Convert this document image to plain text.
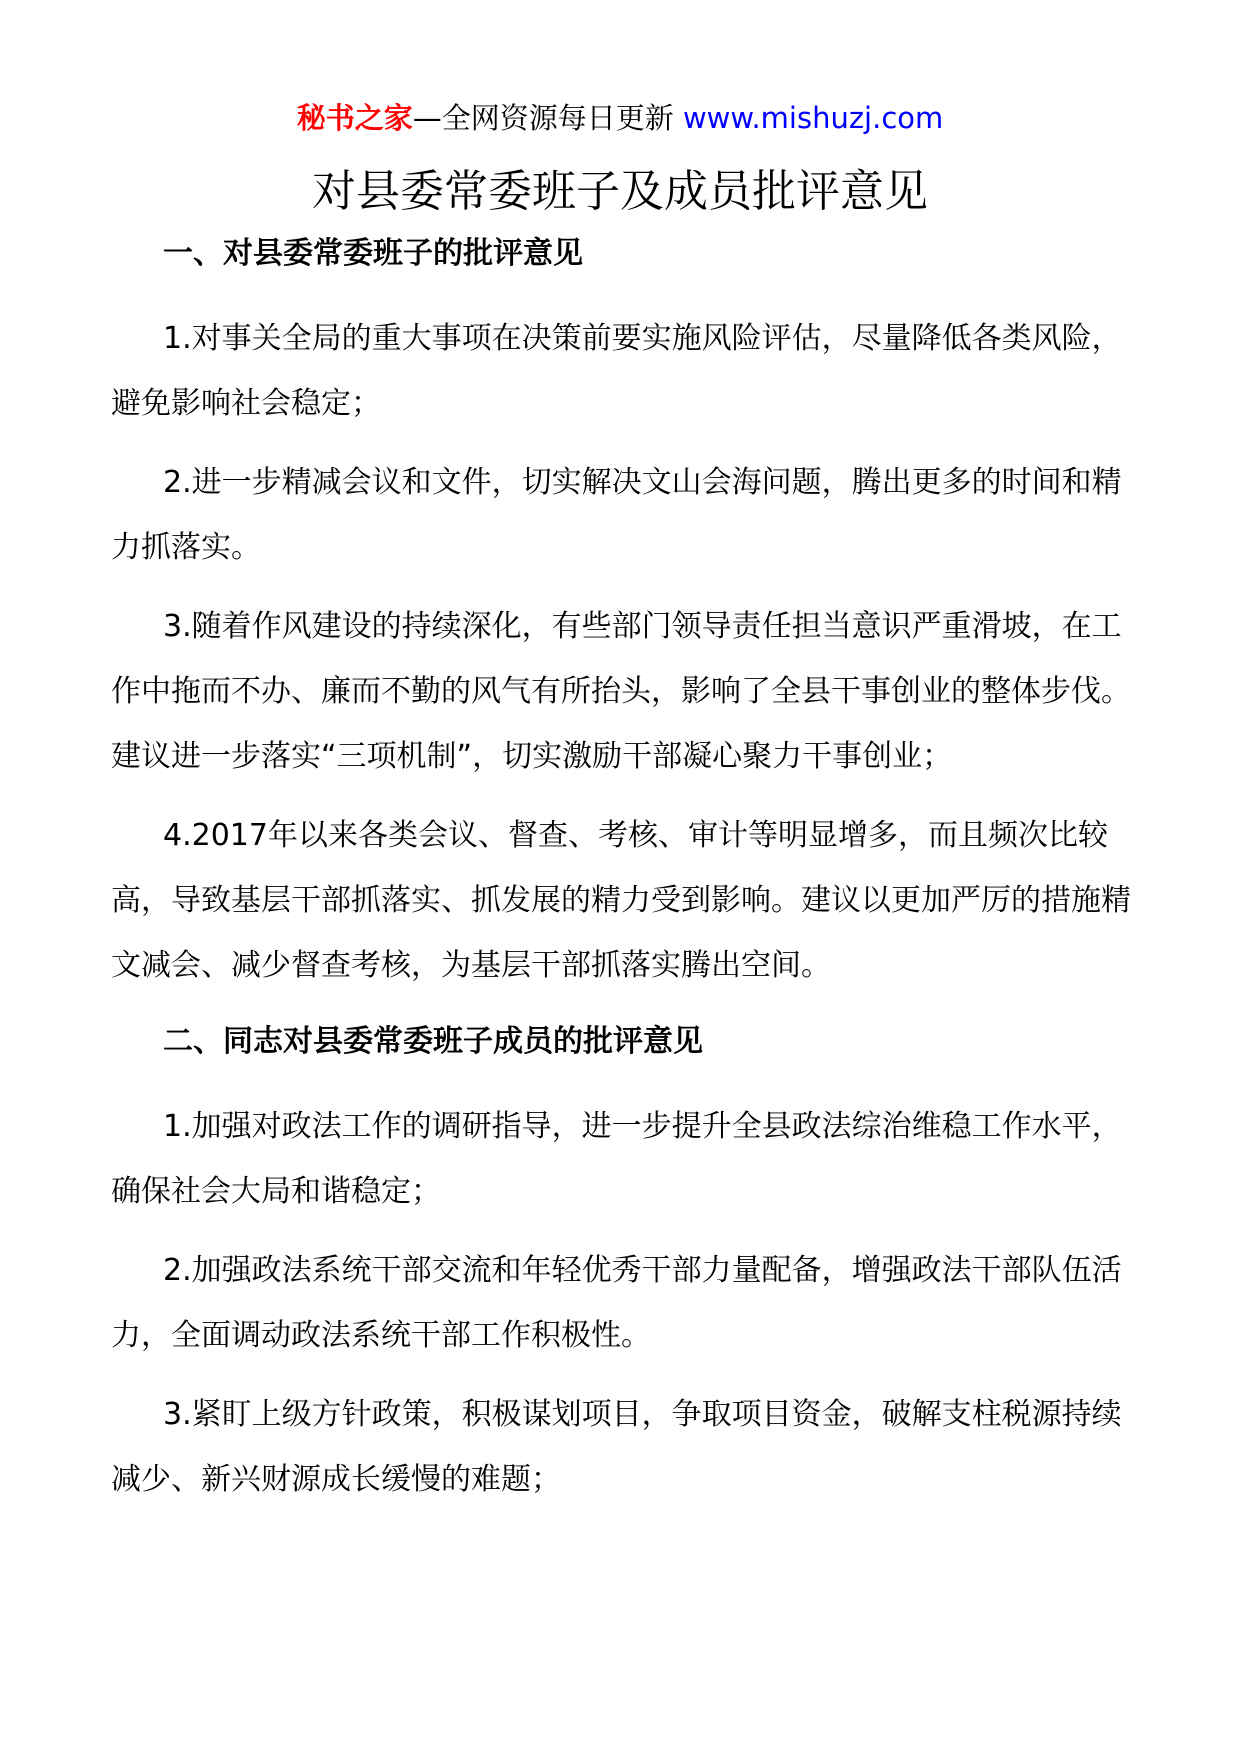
秘书之家—全网资源每日更新 www.mishuzj.com
对县委常委班子及成员批评意见

一、对县委常委班子的批评意见

1.对事关全局的重大事项在决策前要实施风险评估，尽量降低各类风险，避免影响社会稳定；

2.进一步精减会议和文件，切实解决文山会海问题，腾出更多的时间和精力抓落实。

3.随着作风建设的持续深化，有些部门领导责任担当意识严重滑坡，在工作中拖而不办、廉而不勤的风气有所抬头，影响了全县干事创业的整体步伐。建议进一步落实“三项机制”，切实激励干部凝心聚力干事创业；

4.2017年以来各类会议、督查、考核、审计等明显增多，而且频次比较高，导致基层干部抓落实、抓发展的精力受到影响。建议以更加严厉的措施精文减会、减少督查考核，为基层干部抓落实腾出空间。

二、同志对县委常委班子成员的批评意见

1.加强对政法工作的调研指导，进一步提升全县政法综治维稳工作水平，确保社会大局和谐稳定；

2.加强政法系统干部交流和年轻优秀干部力量配备，增强政法干部队伍活力，全面调动政法系统干部工作积极性。

3.紧盯上级方针政策，积极谋划项目，争取项目资金，破解支柱税源持续减少、新兴财源成长缓慢的难题；
